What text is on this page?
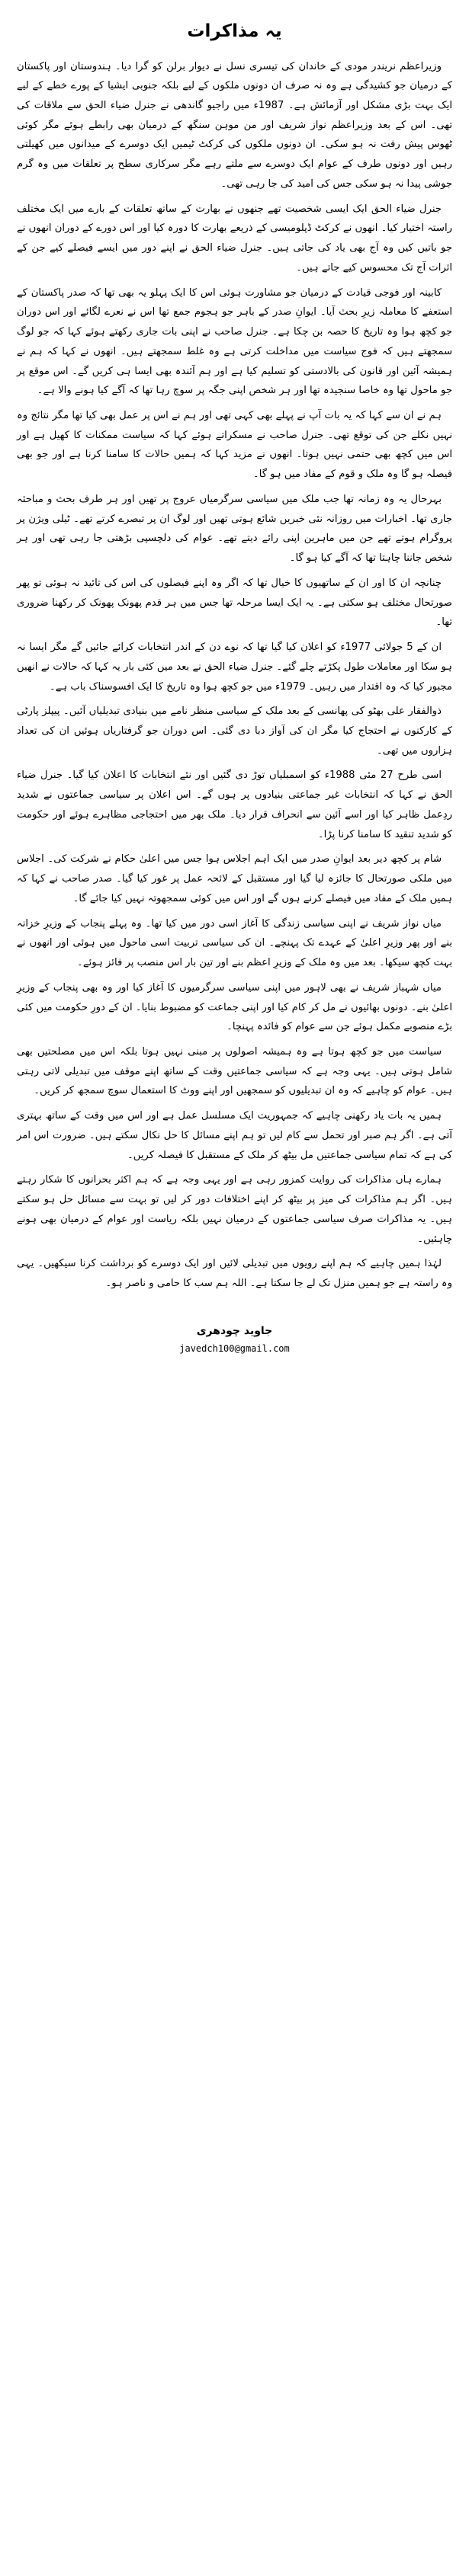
یہ مذاکرات

وزیراعظم نریندر مودی کے خاندان کی تیسری نسل نے دیوار برلن کو گرا دیا۔ ہندوستان اور پاکستان کے درمیان جو کشیدگی ہے وہ نہ صرف ان دونوں ملکوں کے لیے بلکہ جنوبی ایشیا کے پورے خطے کے لیے ایک بہت بڑی مشکل اور آزمائش ہے۔ 1987ء میں راجیو گاندھی نے جنرل ضیاء الحق سے ملاقات کی تھی۔ اس کے بعد وزیراعظم نواز شریف اور من موہن سنگھ کے درمیان بھی رابطے ہوئے مگر کوئی ٹھوس پیش رفت نہ ہو سکی۔ ان دونوں ملکوں کی کرکٹ ٹیمیں ایک دوسرے کے میدانوں میں کھیلتی رہیں اور دونوں طرف کے عوام ایک دوسرے سے ملتے رہے مگر سرکاری سطح پر تعلقات میں وہ گرم جوشی پیدا نہ ہو سکی جس کی امید کی جا رہی تھی۔

جنرل ضیاء الحق ایک ایسی شخصیت تھے جنھوں نے بھارت کے ساتھ تعلقات کے بارے میں ایک مختلف راستہ اختیار کیا۔ انھوں نے کرکٹ ڈپلومیسی کے ذریعے بھارت کا دورہ کیا اور اس دورے کے دوران انھوں نے جو باتیں کیں وہ آج بھی یاد کی جاتی ہیں۔ جنرل ضیاء الحق نے اپنے دور میں ایسے فیصلے کیے جن کے اثرات آج تک محسوس کیے جاتے ہیں۔

کابینہ اور فوجی قیادت کے درمیان جو مشاورت ہوئی اس کا ایک پہلو یہ بھی تھا کہ صدر پاکستان کے استعفے کا معاملہ زیرِ بحث آیا۔ ایوانِ صدر کے باہر جو ہجوم جمع تھا اس نے نعرے لگائے اور اس دوران جو کچھ ہوا وہ تاریخ کا حصہ بن چکا ہے۔ جنرل صاحب نے اپنی بات جاری رکھتے ہوئے کہا کہ جو لوگ سمجھتے ہیں کہ فوج سیاست میں مداخلت کرتی ہے وہ غلط سمجھتے ہیں۔ انھوں نے کہا کہ ہم نے ہمیشہ آئین اور قانون کی بالادستی کو تسلیم کیا ہے اور ہم آئندہ بھی ایسا ہی کریں گے۔ اس موقع پر جو ماحول تھا وہ خاصا سنجیدہ تھا اور ہر شخص اپنی جگہ پر سوچ رہا تھا کہ آگے کیا ہونے والا ہے۔

ہم نے ان سے کہا کہ یہ بات آپ نے پہلے بھی کہی تھی اور ہم نے اس پر عمل بھی کیا تھا مگر نتائج وہ نہیں نکلے جن کی توقع تھی۔ جنرل صاحب نے مسکراتے ہوئے کہا کہ سیاست ممکنات کا کھیل ہے اور اس میں کچھ بھی حتمی نہیں ہوتا۔ انھوں نے مزید کہا کہ ہمیں حالات کا سامنا کرنا ہے اور جو بھی فیصلہ ہو گا وہ ملک و قوم کے مفاد میں ہو گا۔

بہرحال یہ وہ زمانہ تھا جب ملک میں سیاسی سرگرمیاں عروج پر تھیں اور ہر طرف بحث و مباحثہ جاری تھا۔ اخبارات میں روزانہ نئی خبریں شائع ہوتی تھیں اور لوگ ان پر تبصرے کرتے تھے۔ ٹیلی ویژن پر پروگرام ہوتے تھے جن میں ماہرین اپنی رائے دیتے تھے۔ عوام کی دلچسپی بڑھتی جا رہی تھی اور ہر شخص جاننا چاہتا تھا کہ آگے کیا ہو گا۔

چنانچہ ان کا اور ان کے ساتھیوں کا خیال تھا کہ اگر وہ اپنے فیصلوں کی اس کی تائید نہ ہوئی تو پھر صورتحال مختلف ہو سکتی ہے۔ یہ ایک ایسا مرحلہ تھا جس میں ہر قدم پھونک پھونک کر رکھنا ضروری تھا۔

ان کے 5 جولائی 1977ء کو اعلان کیا گیا تھا کہ نوے دن کے اندر انتخابات کرائے جائیں گے مگر ایسا نہ ہو سکا اور معاملات طول پکڑتے چلے گئے۔ جنرل ضیاء الحق نے بعد میں کئی بار یہ کہا کہ حالات نے انھیں مجبور کیا کہ وہ اقتدار میں رہیں۔ 1979ء میں جو کچھ ہوا وہ تاریخ کا ایک افسوسناک باب ہے۔

ذوالفقار علی بھٹو کی پھانسی کے بعد ملک کے سیاسی منظر نامے میں بنیادی تبدیلیاں آئیں۔ پیپلز پارٹی کے کارکنوں نے احتجاج کیا مگر ان کی آواز دبا دی گئی۔ اس دوران جو گرفتاریاں ہوئیں ان کی تعداد ہزاروں میں تھی۔

اسی طرح 27 مئی 1988ء کو اسمبلیاں توڑ دی گئیں اور نئے انتخابات کا اعلان کیا گیا۔ جنرل ضیاء الحق نے کہا کہ انتخابات غیر جماعتی بنیادوں پر ہوں گے۔ اس اعلان پر سیاسی جماعتوں نے شدید ردِعمل ظاہر کیا اور اسے آئین سے انحراف قرار دیا۔ ملک بھر میں احتجاجی مظاہرے ہوئے اور حکومت کو شدید تنقید کا سامنا کرنا پڑا۔

شام پر کچھ دیر بعد ایوانِ صدر میں ایک اہم اجلاس ہوا جس میں اعلیٰ حکام نے شرکت کی۔ اجلاس میں ملکی صورتحال کا جائزہ لیا گیا اور مستقبل کے لائحہ عمل پر غور کیا گیا۔ صدر صاحب نے کہا کہ ہمیں ملک کے مفاد میں فیصلے کرنے ہوں گے اور اس میں کوئی سمجھوتہ نہیں کیا جائے گا۔

میاں نواز شریف نے اپنی سیاسی زندگی کا آغاز اسی دور میں کیا تھا۔ وہ پہلے پنجاب کے وزیرِ خزانہ بنے اور پھر وزیرِ اعلیٰ کے عہدے تک پہنچے۔ ان کی سیاسی تربیت اسی ماحول میں ہوئی اور انھوں نے بہت کچھ سیکھا۔ بعد میں وہ ملک کے وزیرِ اعظم بنے اور تین بار اس منصب پر فائز ہوئے۔

میاں شہباز شریف نے بھی لاہور میں اپنی سیاسی سرگرمیوں کا آغاز کیا اور وہ بھی پنجاب کے وزیرِ اعلیٰ بنے۔ دونوں بھائیوں نے مل کر کام کیا اور اپنی جماعت کو مضبوط بنایا۔ ان کے دورِ حکومت میں کئی بڑے منصوبے مکمل ہوئے جن سے عوام کو فائدہ پہنچا۔

سیاست میں جو کچھ ہوتا ہے وہ ہمیشہ اصولوں پر مبنی نہیں ہوتا بلکہ اس میں مصلحتیں بھی شامل ہوتی ہیں۔ یہی وجہ ہے کہ سیاسی جماعتیں وقت کے ساتھ اپنے موقف میں تبدیلی لاتی رہتی ہیں۔ عوام کو چاہیے کہ وہ ان تبدیلیوں کو سمجھیں اور اپنے ووٹ کا استعمال سوچ سمجھ کر کریں۔

ہمیں یہ بات یاد رکھنی چاہیے کہ جمہوریت ایک مسلسل عمل ہے اور اس میں وقت کے ساتھ بہتری آتی ہے۔ اگر ہم صبر اور تحمل سے کام لیں تو ہم اپنے مسائل کا حل نکال سکتے ہیں۔ ضرورت اس امر کی ہے کہ تمام سیاسی جماعتیں مل بیٹھ کر ملک کے مستقبل کا فیصلہ کریں۔

ہمارے ہاں مذاکرات کی روایت کمزور رہی ہے اور یہی وجہ ہے کہ ہم اکثر بحرانوں کا شکار رہتے ہیں۔ اگر ہم مذاکرات کی میز پر بیٹھ کر اپنے اختلافات دور کر لیں تو بہت سے مسائل حل ہو سکتے ہیں۔ یہ مذاکرات صرف سیاسی جماعتوں کے درمیان نہیں بلکہ ریاست اور عوام کے درمیان بھی ہونے چاہئیں۔

لہٰذا ہمیں چاہیے کہ ہم اپنے رویوں میں تبدیلی لائیں اور ایک دوسرے کو برداشت کرنا سیکھیں۔ یہی وہ راستہ ہے جو ہمیں منزل تک لے جا سکتا ہے۔ اللہ ہم سب کا حامی و ناصر ہو۔

جاوید چودھری
javedch100@gmail.com
